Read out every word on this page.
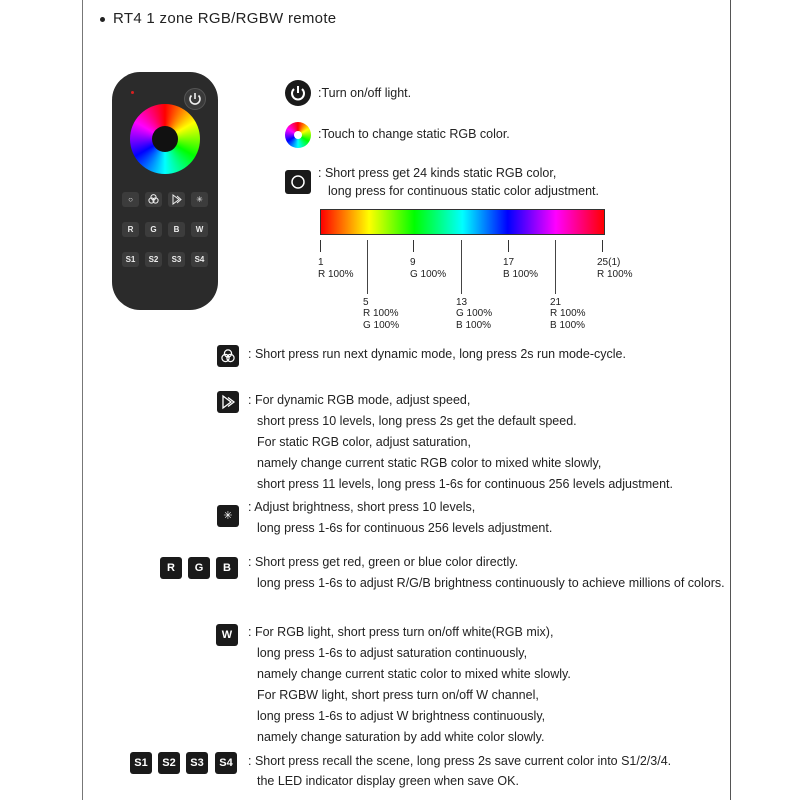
RT4 1 zone RGB/RGBW remote
○	✳
R	G	B	W
S1	S2	S3	S4
:Turn on/off light.
:Touch to change static RGB color.
: Short press get 24 kinds static RGB color,
long press for continuous static color adjustment.
1
R 100%
9
G 100%
17
B 100%
25(1)
R 100%
5
R 100%
G 100%
13
G 100%
B 100%
21
R 100%
B 100%
: Short press run next dynamic mode, long press 2s run mode-cycle.
: For dynamic RGB mode, adjust speed,
short press 10 levels, long press 2s get the default speed.
For static RGB color, adjust saturation,
namely change current static RGB color to mixed white slowly,
short press 11 levels, long press 1-6s for continuous 256 levels adjustment.
✳
: Adjust brightness, short press 10 levels,
long press 1-6s for continuous 256 levels adjustment.
R	G	B	: Short press get red, green or blue color directly.
long press 1-6s to adjust R/G/B brightness continuously to achieve millions of colors.
W	: For RGB light, short press turn on/off white(RGB mix),
long press 1-6s to adjust saturation continuously,
namely change current static color to mixed white slowly.
For RGBW light, short press turn on/off W channel,
long press 1-6s to adjust W brightness continuously,
namely change saturation by add white color slowly.
S1	S2	S3	S4	: Short press recall the scene, long press 2s save current color into S1/2/3/4.
the LED indicator display green when save OK.
